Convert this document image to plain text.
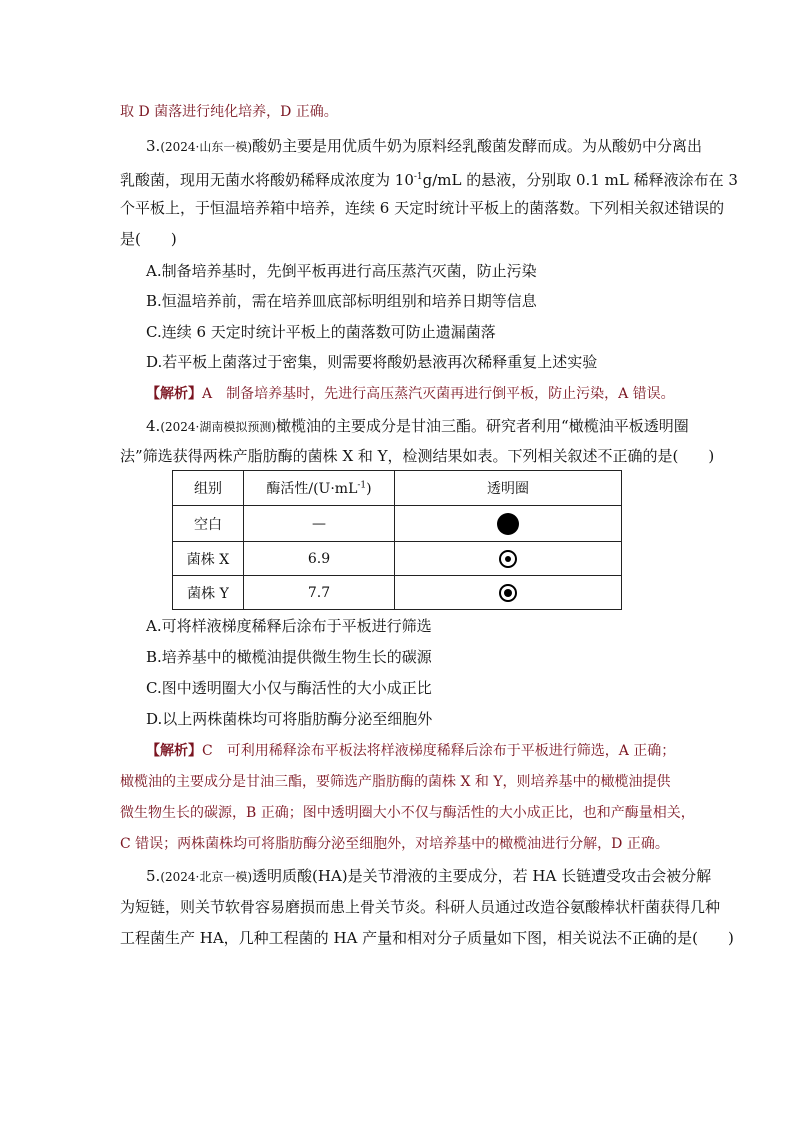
取 D 菌落进行纯化培养，D 正确。
3.(2024·山东一模)酸奶主要是用优质牛奶为原料经乳酸菌发酵而成。为从酸奶中分离出
乳酸菌，现用无菌水将酸奶稀释成浓度为 $10^{-1}g/mL$ 的悬液，分别取 0.1 mL 稀释液涂布在 3
个平板上，于恒温培养箱中培养，连续 6 天定时统计平板上的菌落数。下列相关叙述错误的
是(　　)
A.制备培养基时，先倒平板再进行高压蒸汽灭菌，防止污染
B.恒温培养前，需在培养皿底部标明组别和培养日期等信息
C.连续 6 天定时统计平板上的菌落数可防止遗漏菌落
D.若平板上菌落过于密集，则需要将酸奶悬液再次稀释重复上述实验
【解析】A　制备培养基时，先进行高压蒸汽灭菌再进行倒平板，防止污染，A 错误。
4.(2024·湖南模拟预测)橄榄油的主要成分是甘油三酯。研究者利用“橄榄油平板透明圈
法”筛选获得两株产脂肪酶的菌株 X 和 Y，检测结果如表。下列相关叙述不正确的是(　　)
组别	酶活性$/(U\cdot mL^{-1})$	透明圈
空白	—	
菌株 X	6.9	

菌株 Y	7.7	
A.可将样液梯度稀释后涂布于平板进行筛选
B.培养基中的橄榄油提供微生物生长的碳源
C.图中透明圈大小仅与酶活性的大小成正比
D.以上两株菌株均可将脂肪酶分泌至细胞外
【解析】C　可利用稀释涂布平板法将样液梯度稀释后涂布于平板进行筛选，A 正确；
橄榄油的主要成分是甘油三酯，要筛选产脂肪酶的菌株 X 和 Y，则培养基中的橄榄油提供
微生物生长的碳源，B 正确；图中透明圈大小不仅与酶活性的大小成正比，也和产酶量相关，
C 错误；两株菌株均可将脂肪酶分泌至细胞外，对培养基中的橄榄油进行分解，D 正确。
5.(2024·北京一模)透明质酸(HA)是关节滑液的主要成分，若 HA 长链遭受攻击会被分解
为短链，则关节软骨容易磨损而患上骨关节炎。科研人员通过改造谷氨酸棒状杆菌获得几种
工程菌生产 HA，几种工程菌的 HA 产量和相对分子质量如下图，相关说法不正确的是(　　)
